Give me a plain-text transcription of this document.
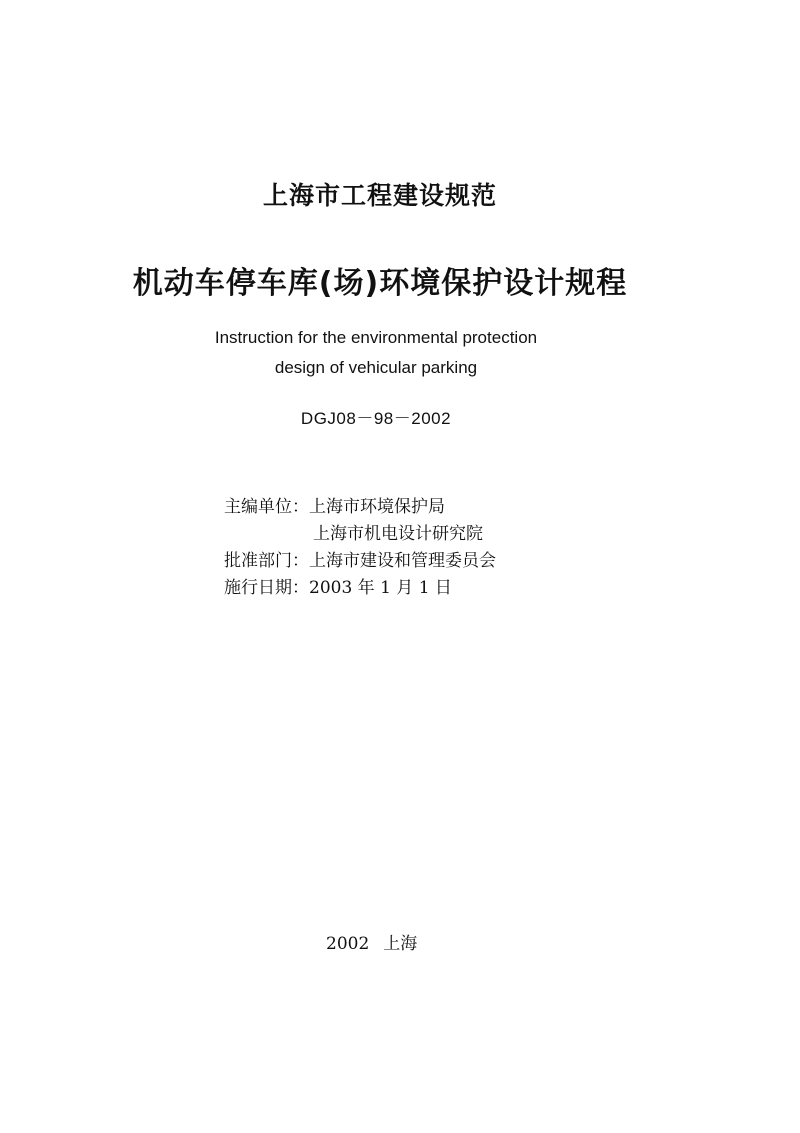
上海市工程建设规范
机动车停车库(场)环境保护设计规程
Instruction for the environmental protection
design of vehicular parking
DGJ08－98－2002
主编单位：上海市环境保护局
上海市机电设计研究院
批准部门：上海市建设和管理委员会
施行日期：2003 年 1 月 1 日
2002 上海
